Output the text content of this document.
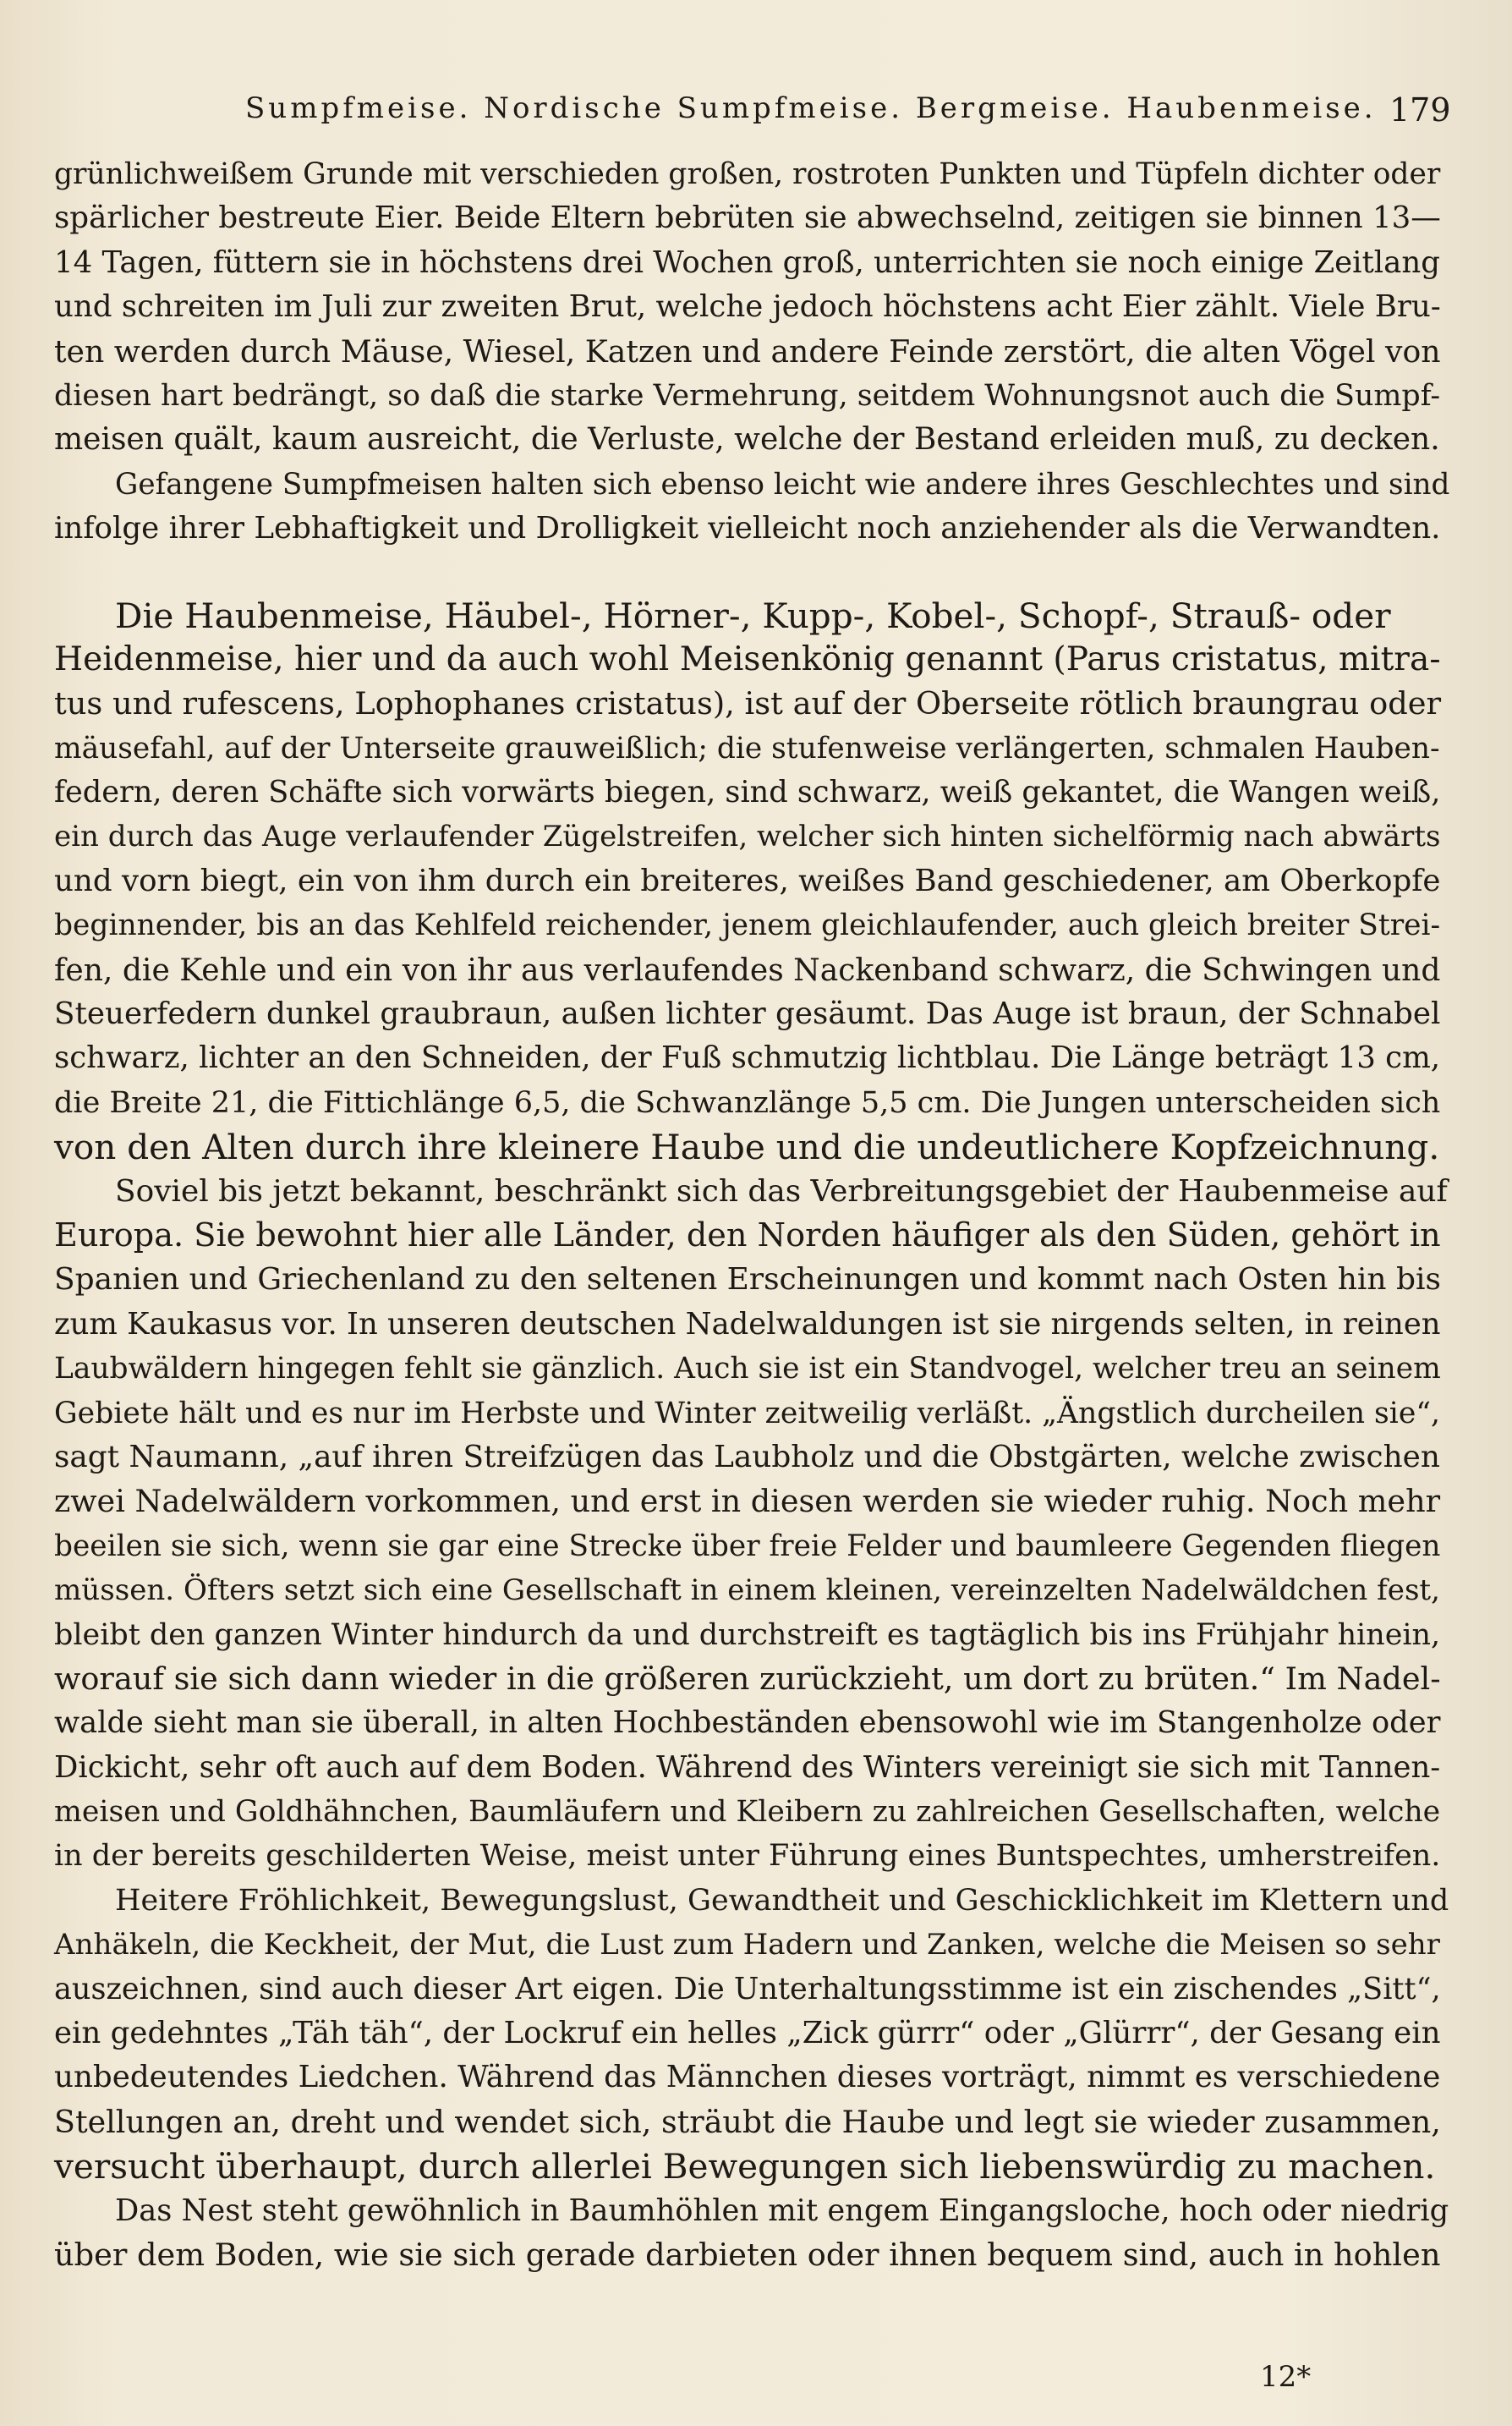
Sumpfmeise. Nordische Sumpfmeise. Bergmeise. Haubenmeise. 179
grünlichweißem Grunde mit verschieden großen, rostroten Punkten und Tüpfeln dichter oder
spärlicher bestreute Eier. Beide Eltern bebrüten sie abwechselnd, zeitigen sie binnen 13—
14 Tagen, füttern sie in höchstens drei Wochen groß, unterrichten sie noch einige Zeitlang
und schreiten im Juli zur zweiten Brut, welche jedoch höchstens acht Eier zählt. Viele Bru-
ten werden durch Mäuse, Wiesel, Katzen und andere Feinde zerstört, die alten Vögel von
diesen hart bedrängt, so daß die starke Vermehrung, seitdem Wohnungsnot auch die Sumpf-
meisen quält, kaum ausreicht, die Verluste, welche der Bestand erleiden muß, zu decken.
Gefangene Sumpfmeisen halten sich ebenso leicht wie andere ihres Geschlechtes und sind
infolge ihrer Lebhaftigkeit und Drolligkeit vielleicht noch anziehender als die Verwandten.
Die Haubenmeise, Häubel-, Hörner-, Kupp-, Kobel-, Schopf-, Strauß- oder
Heidenmeise, hier und da auch wohl Meisenkönig genannt (Parus cristatus, mitra-
tus und rufescens, Lophophanes cristatus), ist auf der Oberseite rötlich braungrau oder
mäusefahl, auf der Unterseite grauweißlich; die stufenweise verlängerten, schmalen Hauben-
federn, deren Schäfte sich vorwärts biegen, sind schwarz, weiß gekantet, die Wangen weiß,
ein durch das Auge verlaufender Zügelstreifen, welcher sich hinten sichelförmig nach abwärts
und vorn biegt, ein von ihm durch ein breiteres, weißes Band geschiedener, am Oberkopfe
beginnender, bis an das Kehlfeld reichender, jenem gleichlaufender, auch gleich breiter Strei-
fen, die Kehle und ein von ihr aus verlaufendes Nackenband schwarz, die Schwingen und
Steuerfedern dunkel graubraun, außen lichter gesäumt. Das Auge ist braun, der Schnabel
schwarz, lichter an den Schneiden, der Fuß schmutzig lichtblau. Die Länge beträgt 13 cm,
die Breite 21, die Fittichlänge 6,5, die Schwanzlänge 5,5 cm. Die Jungen unterscheiden sich
von den Alten durch ihre kleinere Haube und die undeutlichere Kopfzeichnung.
Soviel bis jetzt bekannt, beschränkt sich das Verbreitungsgebiet der Haubenmeise auf
Europa. Sie bewohnt hier alle Länder, den Norden häufiger als den Süden, gehört in
Spanien und Griechenland zu den seltenen Erscheinungen und kommt nach Osten hin bis
zum Kaukasus vor. In unseren deutschen Nadelwaldungen ist sie nirgends selten, in reinen
Laubwäldern hingegen fehlt sie gänzlich. Auch sie ist ein Standvogel, welcher treu an seinem
Gebiete hält und es nur im Herbste und Winter zeitweilig verläßt. „Ängstlich durcheilen sie“,
sagt Naumann, „auf ihren Streifzügen das Laubholz und die Obstgärten, welche zwischen
zwei Nadelwäldern vorkommen, und erst in diesen werden sie wieder ruhig. Noch mehr
beeilen sie sich, wenn sie gar eine Strecke über freie Felder und baumleere Gegenden fliegen
müssen. Öfters setzt sich eine Gesellschaft in einem kleinen, vereinzelten Nadelwäldchen fest,
bleibt den ganzen Winter hindurch da und durchstreift es tagtäglich bis ins Frühjahr hinein,
worauf sie sich dann wieder in die größeren zurückzieht, um dort zu brüten.“ Im Nadel-
walde sieht man sie überall, in alten Hochbeständen ebensowohl wie im Stangenholze oder
Dickicht, sehr oft auch auf dem Boden. Während des Winters vereinigt sie sich mit Tannen-
meisen und Goldhähnchen, Baumläufern und Kleibern zu zahlreichen Gesellschaften, welche
in der bereits geschilderten Weise, meist unter Führung eines Buntspechtes, umherstreifen.
Heitere Fröhlichkeit, Bewegungslust, Gewandtheit und Geschicklichkeit im Klettern und
Anhäkeln, die Keckheit, der Mut, die Lust zum Hadern und Zanken, welche die Meisen so sehr
auszeichnen, sind auch dieser Art eigen. Die Unterhaltungsstimme ist ein zischendes „Sitt“,
ein gedehntes „Täh täh“, der Lockruf ein helles „Zick gürrr“ oder „Glürrr“, der Gesang ein
unbedeutendes Liedchen. Während das Männchen dieses vorträgt, nimmt es verschiedene
Stellungen an, dreht und wendet sich, sträubt die Haube und legt sie wieder zusammen,
versucht überhaupt, durch allerlei Bewegungen sich liebenswürdig zu machen.
Das Nest steht gewöhnlich in Baumhöhlen mit engem Eingangsloche, hoch oder niedrig
über dem Boden, wie sie sich gerade darbieten oder ihnen bequem sind, auch in hohlen
12*
